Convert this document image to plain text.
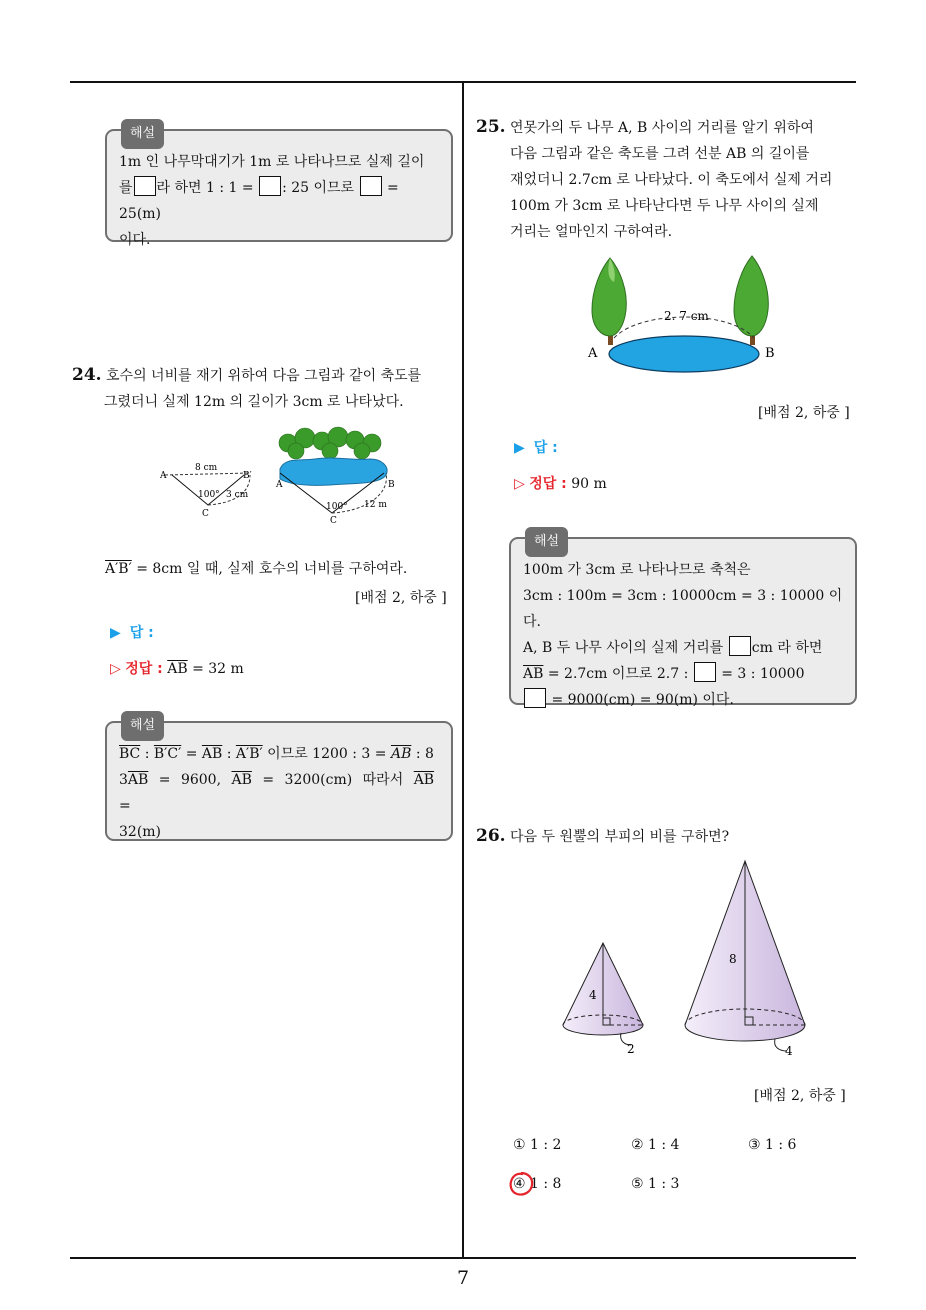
7
해설
1m 인 나무막대기가 1m 로 나타나므로 실제 길이
를 라 하면 1 : 1 = : 25 이므로 = 25(m)
이다.
24. 호수의 너비를 재기 위하여 다음 그림과 같이 축도를
그렸더니 실제 12m 의 길이가 3cm 로 나타났다.
A	B′
C
8 cm
100° 3 cm
A	B
C
100° 12 m
A′B′ = 8cm 일 때, 실제 호수의 너비를 구하여라.
[배점 2, 하중 ]
▶ 답 :
▷ 정답 : $\overline{AB} = 32$ m
해설
$\overline{BC}$ : $B'C' = \overline{AB}$ : A′B′ 이므로 1200 : $3 = \overline{AB}$ : 8
$3\overline{AB} = 9600$, $\overline{AB} = 3200(cm)$ 따라서 $\overline{AB}$ =
32(m)
25. 연못가의 두 나무 A, B 사이의 거리를 알기 위하여
다음 그림과 같은 축도를 그려 선분 AB 의 길이를
재었더니 2.7cm 로 나타났다. 이 축도에서 실제 거리
100m 가 3cm 로 나타난다면 두 나무 사이의 실제
거리는 얼마인지 구하여라.
A	B
2. 7 cm
[배점 2, 하중 ]
▶ 답 :
▷ 정답 : 90 m
해설
100m 가 3cm 로 나타나므로 축척은
3cm : 100m = 3cm : 10000cm = 3 : 10000 이다.
A, B 두 나무 사이의 실제 거리를 cm 라 하면
$\overline{AB} = 2.7cm$ 이므로 2.7 : = 3 : 10000
= 9000(cm) = 90(m) 이다.
26. 다음 두 원뿔의 부피의 비를 구하면?
4
2
8
4
[배점 2, 하중 ]
① 1 : 2	② 1 : 4	③ 1 : 6
④ 1 : 8	⑤ 1 : 3
